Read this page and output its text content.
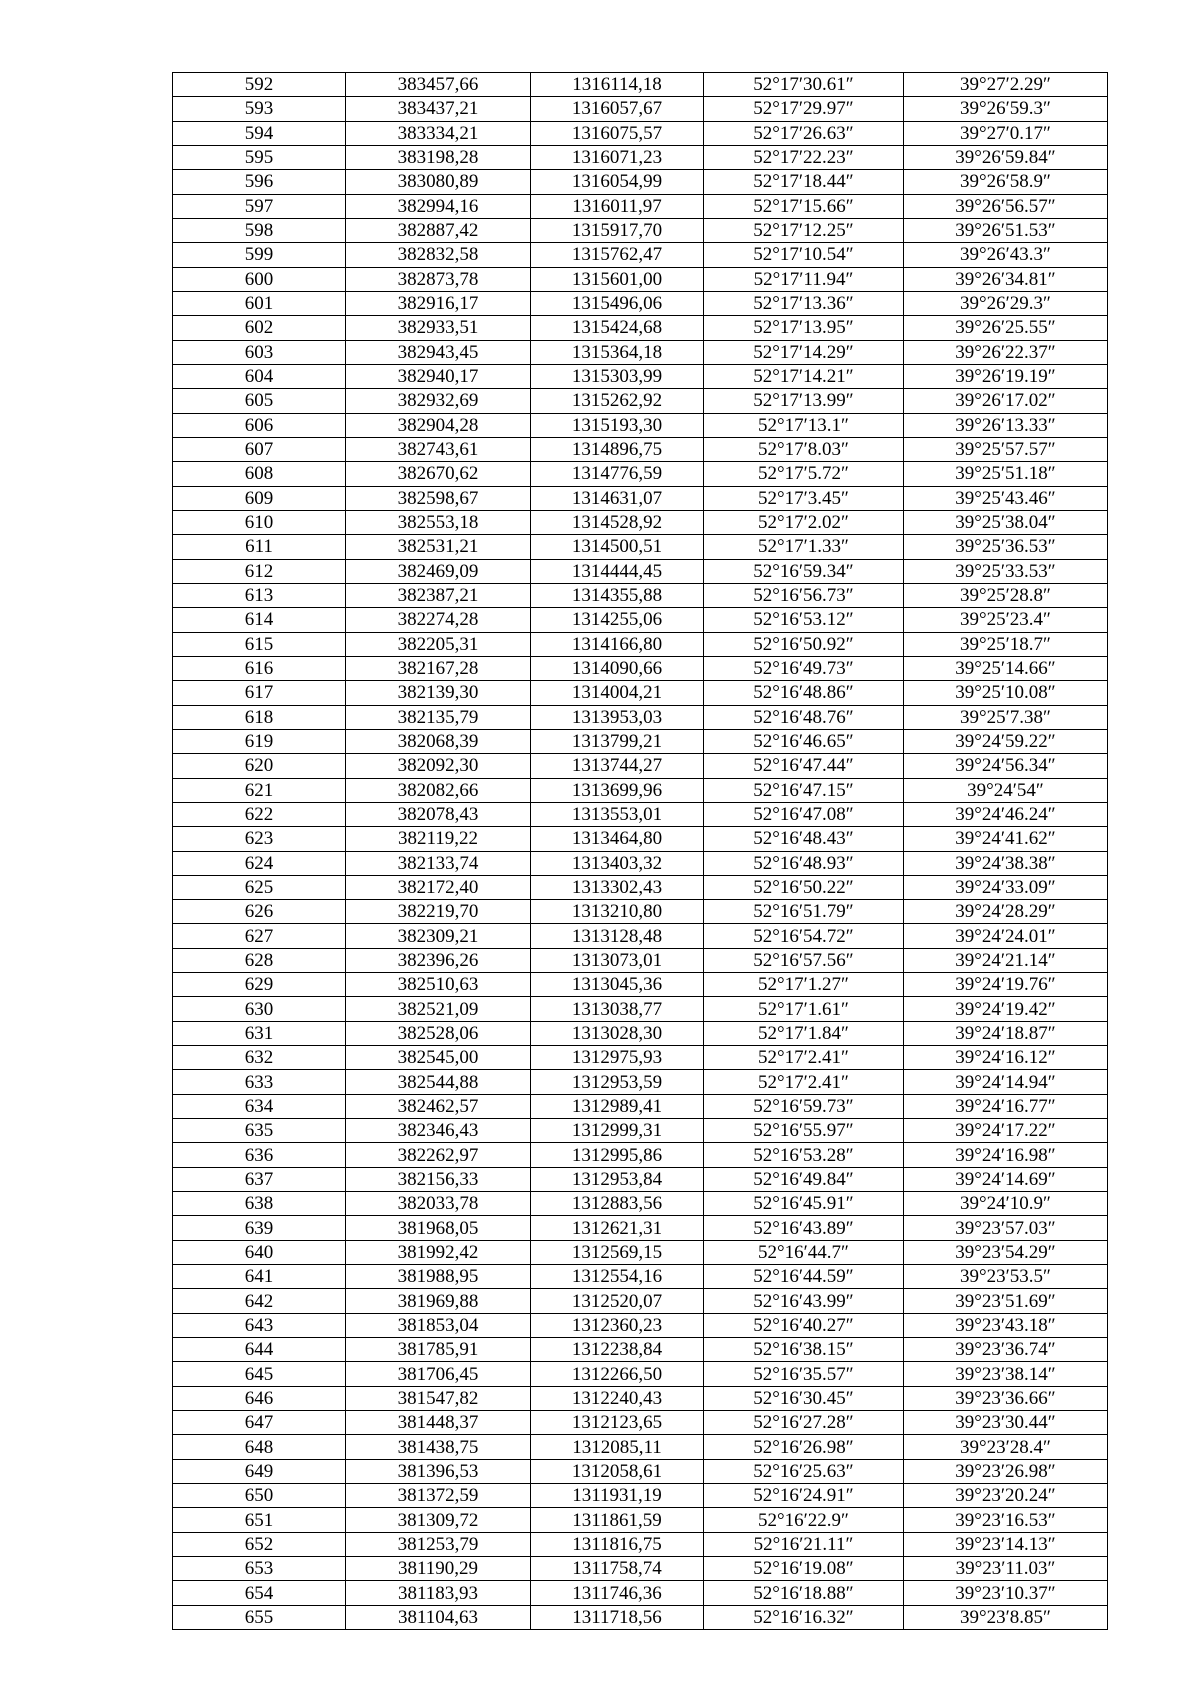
592	383457,66	1316114,18	52°17′30.61″	39°27′2.29″
593	383437,21	1316057,67	52°17′29.97″	39°26′59.3″
594	383334,21	1316075,57	52°17′26.63″	39°27′0.17″
595	383198,28	1316071,23	52°17′22.23″	39°26′59.84″
596	383080,89	1316054,99	52°17′18.44″	39°26′58.9″
597	382994,16	1316011,97	52°17′15.66″	39°26′56.57″
598	382887,42	1315917,70	52°17′12.25″	39°26′51.53″
599	382832,58	1315762,47	52°17′10.54″	39°26′43.3″
600	382873,78	1315601,00	52°17′11.94″	39°26′34.81″
601	382916,17	1315496,06	52°17′13.36″	39°26′29.3″
602	382933,51	1315424,68	52°17′13.95″	39°26′25.55″
603	382943,45	1315364,18	52°17′14.29″	39°26′22.37″
604	382940,17	1315303,99	52°17′14.21″	39°26′19.19″
605	382932,69	1315262,92	52°17′13.99″	39°26′17.02″
606	382904,28	1315193,30	52°17′13.1″	39°26′13.33″
607	382743,61	1314896,75	52°17′8.03″	39°25′57.57″
608	382670,62	1314776,59	52°17′5.72″	39°25′51.18″
609	382598,67	1314631,07	52°17′3.45″	39°25′43.46″
610	382553,18	1314528,92	52°17′2.02″	39°25′38.04″
611	382531,21	1314500,51	52°17′1.33″	39°25′36.53″
612	382469,09	1314444,45	52°16′59.34″	39°25′33.53″
613	382387,21	1314355,88	52°16′56.73″	39°25′28.8″
614	382274,28	1314255,06	52°16′53.12″	39°25′23.4″
615	382205,31	1314166,80	52°16′50.92″	39°25′18.7″
616	382167,28	1314090,66	52°16′49.73″	39°25′14.66″
617	382139,30	1314004,21	52°16′48.86″	39°25′10.08″
618	382135,79	1313953,03	52°16′48.76″	39°25′7.38″
619	382068,39	1313799,21	52°16′46.65″	39°24′59.22″
620	382092,30	1313744,27	52°16′47.44″	39°24′56.34″
621	382082,66	1313699,96	52°16′47.15″	39°24′54″
622	382078,43	1313553,01	52°16′47.08″	39°24′46.24″
623	382119,22	1313464,80	52°16′48.43″	39°24′41.62″
624	382133,74	1313403,32	52°16′48.93″	39°24′38.38″
625	382172,40	1313302,43	52°16′50.22″	39°24′33.09″
626	382219,70	1313210,80	52°16′51.79″	39°24′28.29″
627	382309,21	1313128,48	52°16′54.72″	39°24′24.01″
628	382396,26	1313073,01	52°16′57.56″	39°24′21.14″
629	382510,63	1313045,36	52°17′1.27″	39°24′19.76″
630	382521,09	1313038,77	52°17′1.61″	39°24′19.42″
631	382528,06	1313028,30	52°17′1.84″	39°24′18.87″
632	382545,00	1312975,93	52°17′2.41″	39°24′16.12″
633	382544,88	1312953,59	52°17′2.41″	39°24′14.94″
634	382462,57	1312989,41	52°16′59.73″	39°24′16.77″
635	382346,43	1312999,31	52°16′55.97″	39°24′17.22″
636	382262,97	1312995,86	52°16′53.28″	39°24′16.98″
637	382156,33	1312953,84	52°16′49.84″	39°24′14.69″
638	382033,78	1312883,56	52°16′45.91″	39°24′10.9″
639	381968,05	1312621,31	52°16′43.89″	39°23′57.03″
640	381992,42	1312569,15	52°16′44.7″	39°23′54.29″
641	381988,95	1312554,16	52°16′44.59″	39°23′53.5″
642	381969,88	1312520,07	52°16′43.99″	39°23′51.69″
643	381853,04	1312360,23	52°16′40.27″	39°23′43.18″
644	381785,91	1312238,84	52°16′38.15″	39°23′36.74″
645	381706,45	1312266,50	52°16′35.57″	39°23′38.14″
646	381547,82	1312240,43	52°16′30.45″	39°23′36.66″
647	381448,37	1312123,65	52°16′27.28″	39°23′30.44″
648	381438,75	1312085,11	52°16′26.98″	39°23′28.4″
649	381396,53	1312058,61	52°16′25.63″	39°23′26.98″
650	381372,59	1311931,19	52°16′24.91″	39°23′20.24″
651	381309,72	1311861,59	52°16′22.9″	39°23′16.53″
652	381253,79	1311816,75	52°16′21.11″	39°23′14.13″
653	381190,29	1311758,74	52°16′19.08″	39°23′11.03″
654	381183,93	1311746,36	52°16′18.88″	39°23′10.37″
655	381104,63	1311718,56	52°16′16.32″	39°23′8.85″
